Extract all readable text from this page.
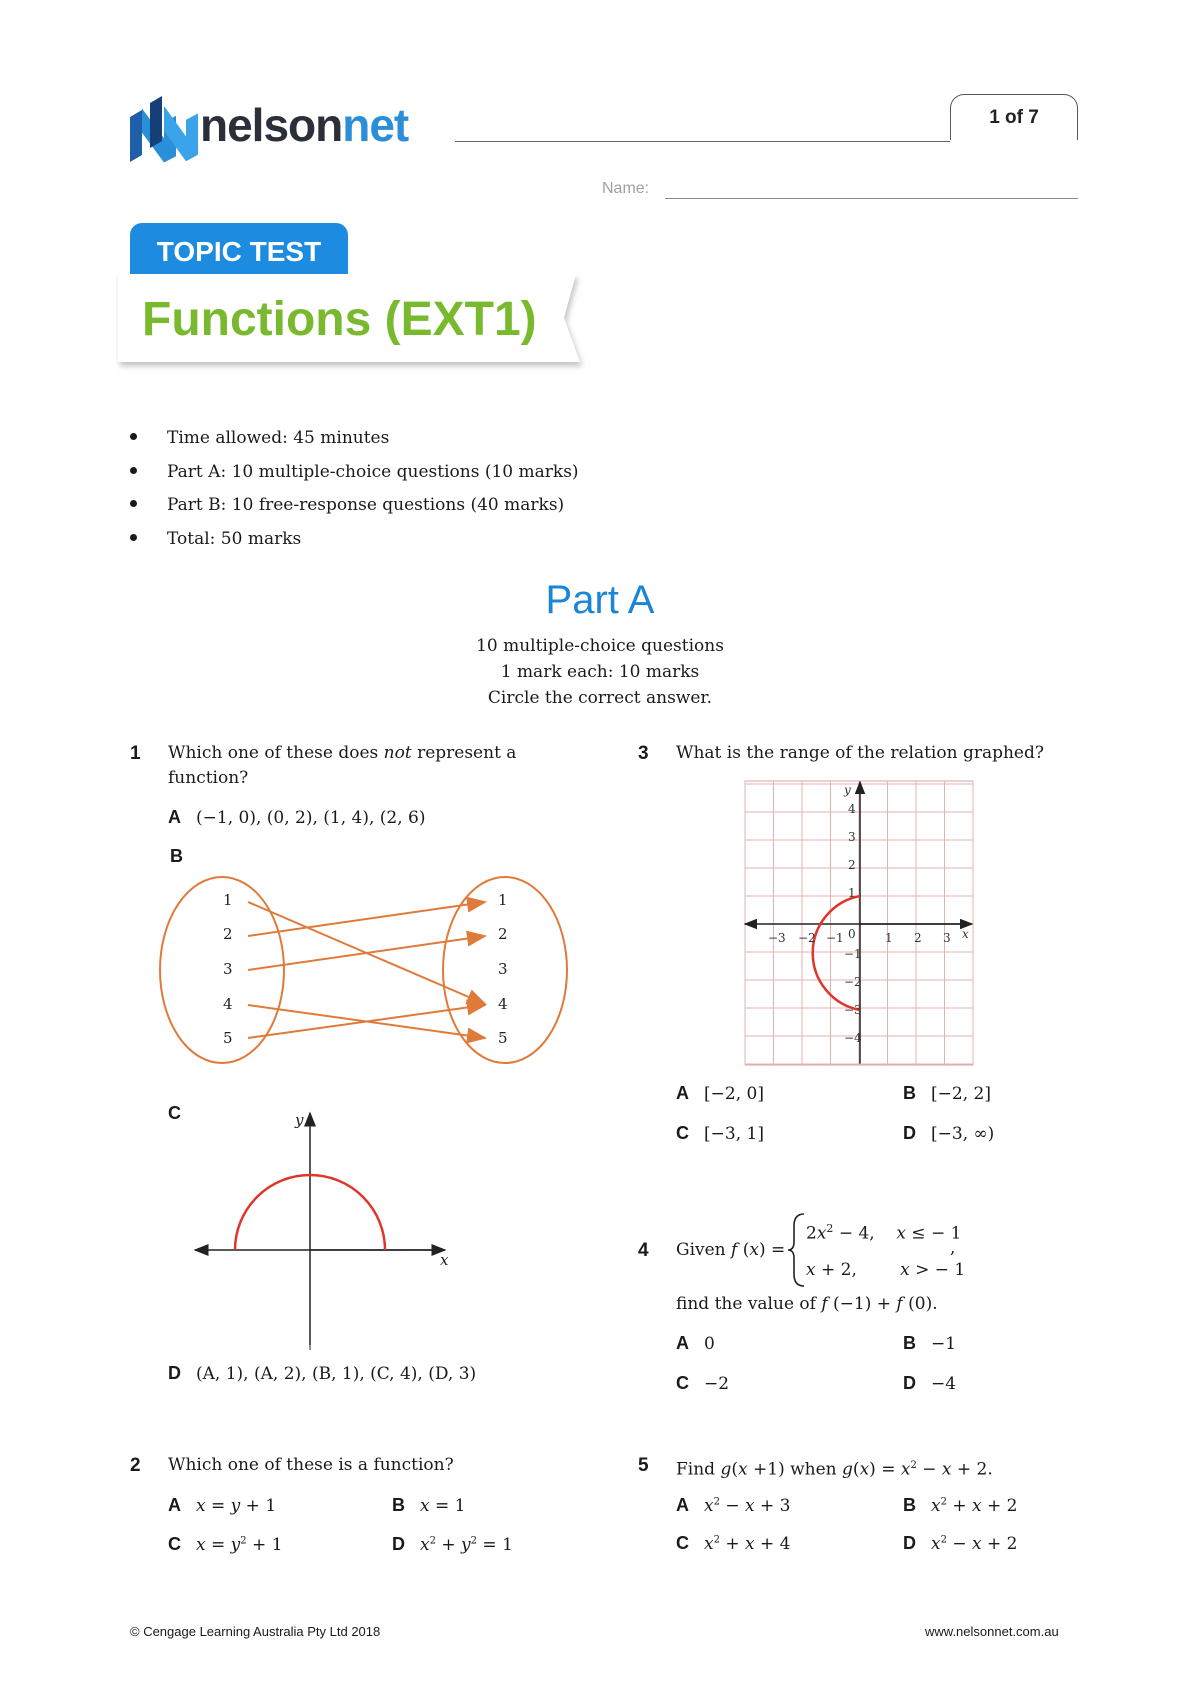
nelsonnet	1 of 7
Name:
TOPIC TEST
Functions (EXT1)
Time allowed: 45 minutes
Part A: 10 multiple-choice questions (10 marks)
Part B: 10 free-response questions (40 marks)
Total: 50 marks
Part A
10 multiple-choice questions
1 mark each: 10 marks
Circle the correct answer.
1 Which one of these does not represent a
function?
A (−1, 0), (0, 2), (1, 4), (2, 6)
B
1
2
3
4
5
1
2
3
4
5
C	y
x
D (A, 1), (A, 2), (B, 1), (C, 4), (D, 3)
2 Which one of these is a function?
A x = y + 1	B x = 1
C $x = y^2 + 1$	D $x^2 + y^2 = 1$
3 What is the range of the relation graphed?
−3 −2 −1 0 1 2 3
4
3
2
1
−1
−2
−3
−4
y
x
A [−2, 0]	B [−2, 2]
C [−3, 1]	D [−3, ∞)
4 Given f (x) =
$2x^2 - 4$,    x ≤ − 1
x + 2,        x > − 1
,
find the value of f (−1) + f (0).
A 0	B −1
C −2	D −4
5 Find g(x +1) when $g(x) = x^2 - x + 2$.
A $x^2 - x + 3$	B $x^2 + x + 2$
C $x^2 + x + 4$	D $x^2 - x + 2$
© Cengage Learning Australia Pty Ltd 2018	www.nelsonnet.com.au
